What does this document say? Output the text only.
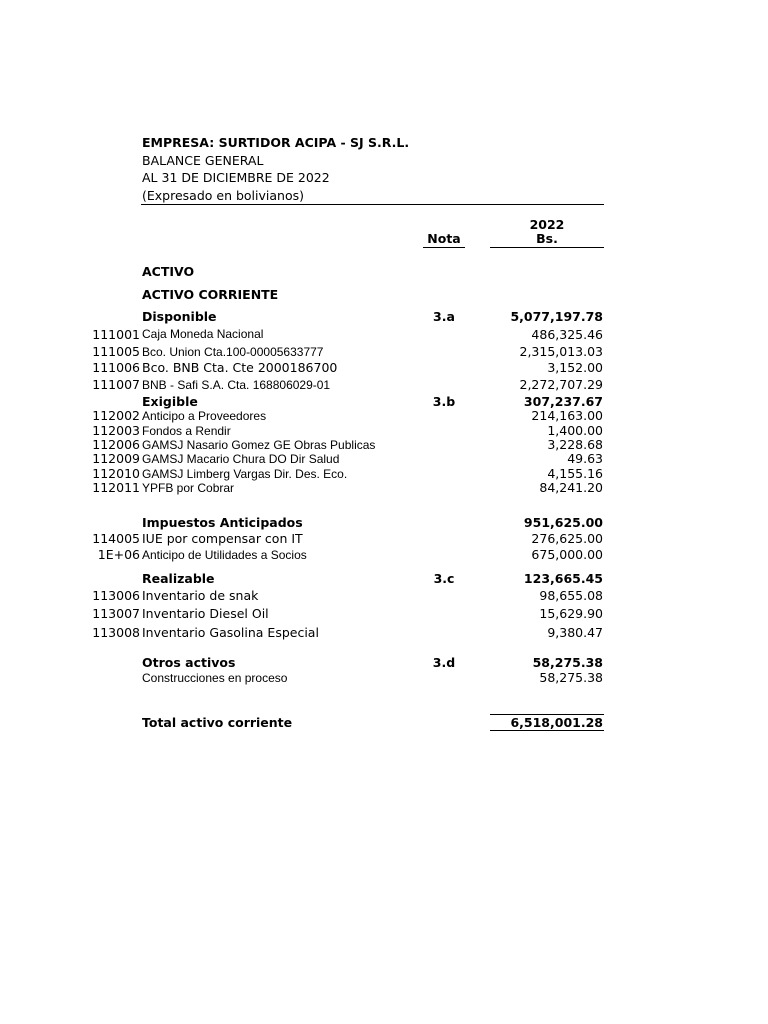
EMPRESA: SURTIDOR ACIPA - SJ S.R.L.
BALANCE GENERAL
AL 31 DE DICIEMBRE DE 2022
(Expresado en bolivianos)
2022
Bs.
Nota
ACTIVO
ACTIVO CORRIENTE
Disponible	3.a	5,077,197.78
111001 Caja Moneda Nacional	486,325.46
111005 Bco. Union Cta.100-00005633777	2,315,013.03
111006 Bco. BNB Cta. Cte 2000186700	3,152.00
111007 BNB - Safi S.A. Cta. 168806029-01	2,272,707.29
Exigible	3.b	307,237.67
112002 Anticipo a Proveedores	214,163.00
112003 Fondos a Rendir	1,400.00
112006 GAMSJ Nasario Gomez GE Obras Publicas	3,228.68
112009 GAMSJ Macario Chura DO Dir Salud	49.63
112010 GAMSJ Limberg Vargas Dir. Des. Eco.	4,155.16
112011 YPFB por Cobrar	84,241.20
Impuestos Anticipados	951,625.00
114005 IUE por compensar con IT	276,625.00
1E+06 Anticipo de Utilidades a Socios	675,000.00
Realizable	3.c	123,665.45
113006 Inventario de snak	98,655.08
113007 Inventario Diesel Oil	15,629.90
113008 Inventario Gasolina Especial	9,380.47
Otros activos	3.d	58,275.38
Construcciones en proceso	58,275.38
Total activo corriente	6,518,001.28
